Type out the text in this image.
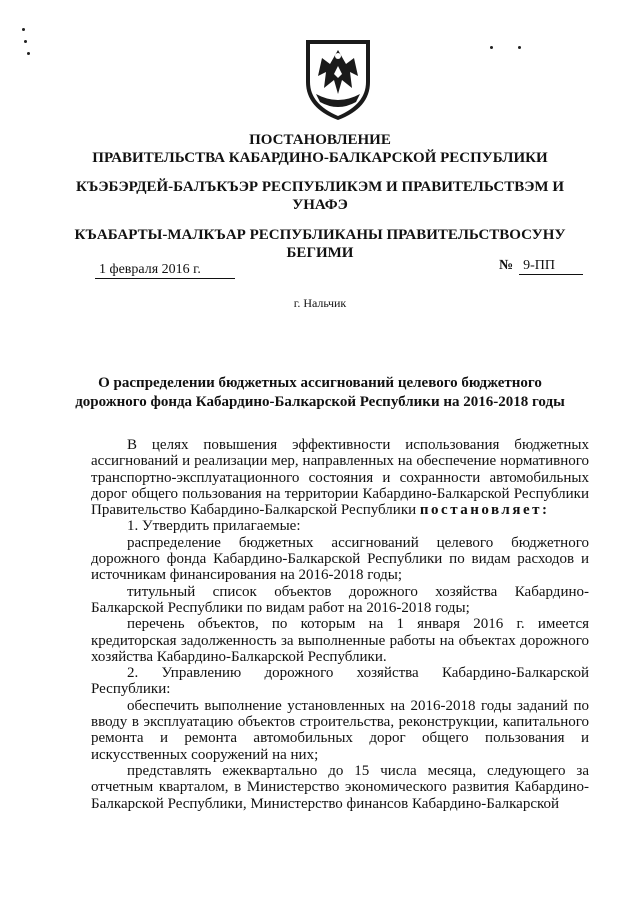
ПОСТАНОВЛЕНИЕ
ПРАВИТЕЛЬСТВА КАБАРДИНО-БАЛКАРСКОЙ РЕСПУБЛИКИ
КЪЭБЭРДЕЙ-БАЛЪКЪЭР РЕСПУБЛИКЭМ И ПРАВИТЕЛЬСТВЭМ И
УНАФЭ
КЪАБАРТЫ-МАЛКЪАР РЕСПУБЛИКАНЫ ПРАВИТЕЛЬСТВОСУНУ
БЕГИМИ
1 февраля 2016 г.	№ 9-ПП
г. Нальчик
О распределении бюджетных ассигнований целевого бюджетного
дорожного фонда Кабардино-Балкарской Республики на 2016-2018 годы

В целях повышения эффективности использования бюджетных ассигнований и реализации мер, направленных на обеспечение нормативного транспортно-эксплуатационного состояния и сохранности автомобильных дорог общего пользования на территории Кабардино-Балкарской Республики Правительство Кабардино-Балкарской Республики постановляет:

1. Утвердить прилагаемые:

распределение бюджетных ассигнований целевого бюджетного дорожного фонда Кабардино-Балкарской Республики по видам расходов и источникам финансирования на 2016-2018 годы;

титульный список объектов дорожного хозяйства Кабардино-Балкарской Республики по видам работ на 2016-2018 годы;

перечень объектов, по которым на 1 января 2016 г. имеется кредиторская задолженность за выполненные работы на объектах дорожного хозяйства Кабардино-Балкарской Республики.

2. Управлению дорожного хозяйства Кабардино-Балкарской Республики:

обеспечить выполнение установленных на 2016-2018 годы заданий по вводу в эксплуатацию объектов строительства, реконструкции, капитального ремонта и ремонта автомобильных дорог общего пользования и искусственных сооружений на них;

представлять ежеквартально до 15 числа месяца, следующего за отчетным кварталом, в Министерство экономического развития Кабардино-Балкарской Республики, Министерство финансов Кабардино-Балкарской
